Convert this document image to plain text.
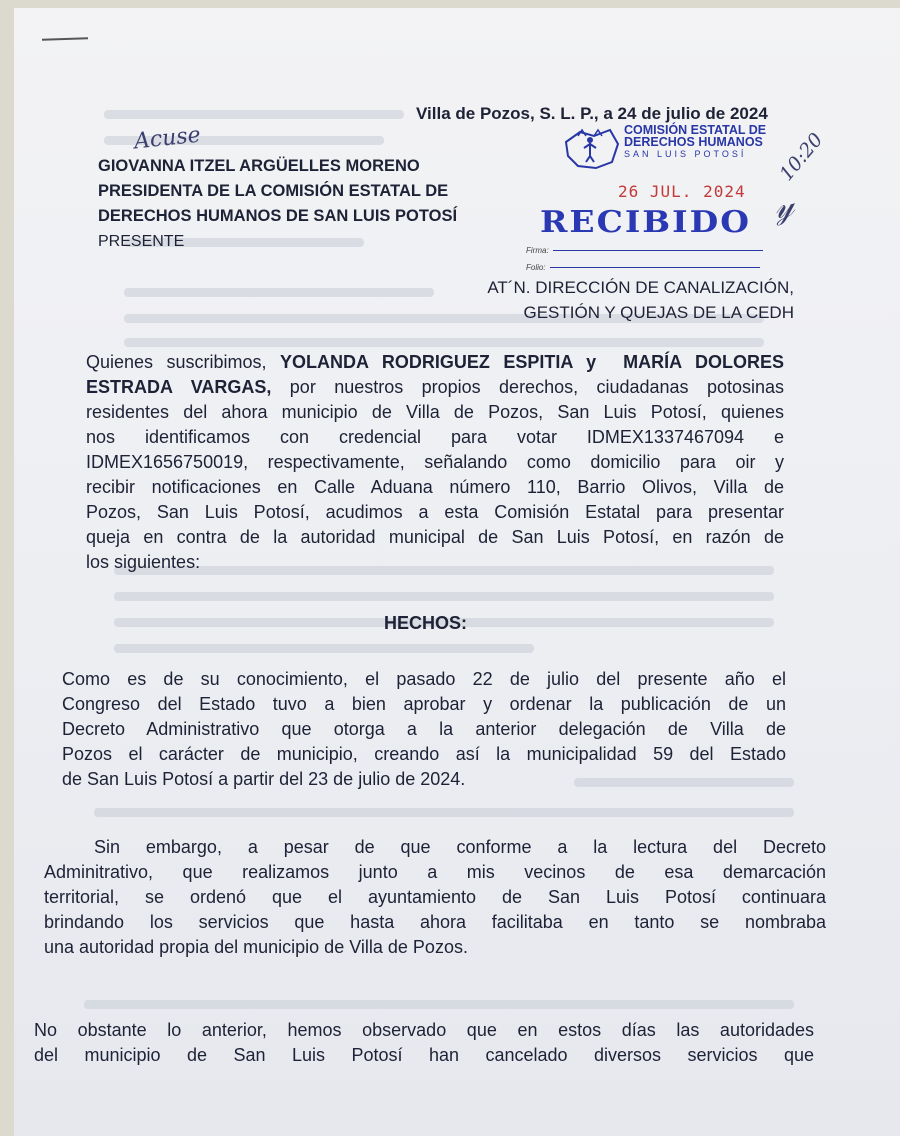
Villa de Pozos, S. L. P., a 24 de julio de 2024
Acuse
GIOVANNA ITZEL ARGÜELLES MORENO
PRESIDENTA DE LA COMISIÓN ESTATAL DE
DERECHOS HUMANOS DE SAN LUIS POTOSÍ
PRESENTE
COMISIÓN ESTATAL DE
DERECHOS HUMANOS
SAN LUIS POTOSÍ
26 JUL. 2024
RECIBIDO
Firma:
Folio:
10:20
𝓎
AT´N. DIRECCIÓN DE CANALIZACIÓN,
GESTIÓN Y QUEJAS DE LA CEDH
Quienes suscribimos, YOLANDA RODRIGUEZ ESPITIA y  MARÍA DOLORES
ESTRADA VARGAS, por nuestros propios derechos, ciudadanas potosinas
residentes del ahora municipio de Villa de Pozos, San Luis Potosí, quienes
nos identificamos con credencial para votar IDMEX1337467094 e
IDMEX1656750019, respectivamente, señalando como domicilio para oir y
recibir notificaciones en Calle Aduana número 110, Barrio Olivos, Villa de
Pozos, San Luis Potosí, acudimos a esta Comisión Estatal para presentar
queja en contra de la autoridad municipal de San Luis Potosí, en razón de
los siguientes:
HECHOS:
Como es de su conocimiento, el pasado 22 de julio del presente año el
Congreso del Estado tuvo a bien aprobar y ordenar la publicación de un
Decreto Administrativo que otorga a la anterior delegación de Villa de
Pozos el carácter de municipio, creando así la municipalidad 59 del Estado
de San Luis Potosí a partir del 23 de julio de 2024.
Sin embargo, a pesar de que conforme a la lectura del Decreto
Adminitrativo, que realizamos junto a mis vecinos de esa demarcación
territorial, se ordenó que el ayuntamiento de San Luis Potosí continuara
brindando los servicios que hasta ahora facilitaba en tanto se nombraba
una autoridad propia del municipio de Villa de Pozos.
No obstante lo anterior, hemos observado que en estos días las autoridades
del municipio de San Luis Potosí han cancelado diversos servicios que
